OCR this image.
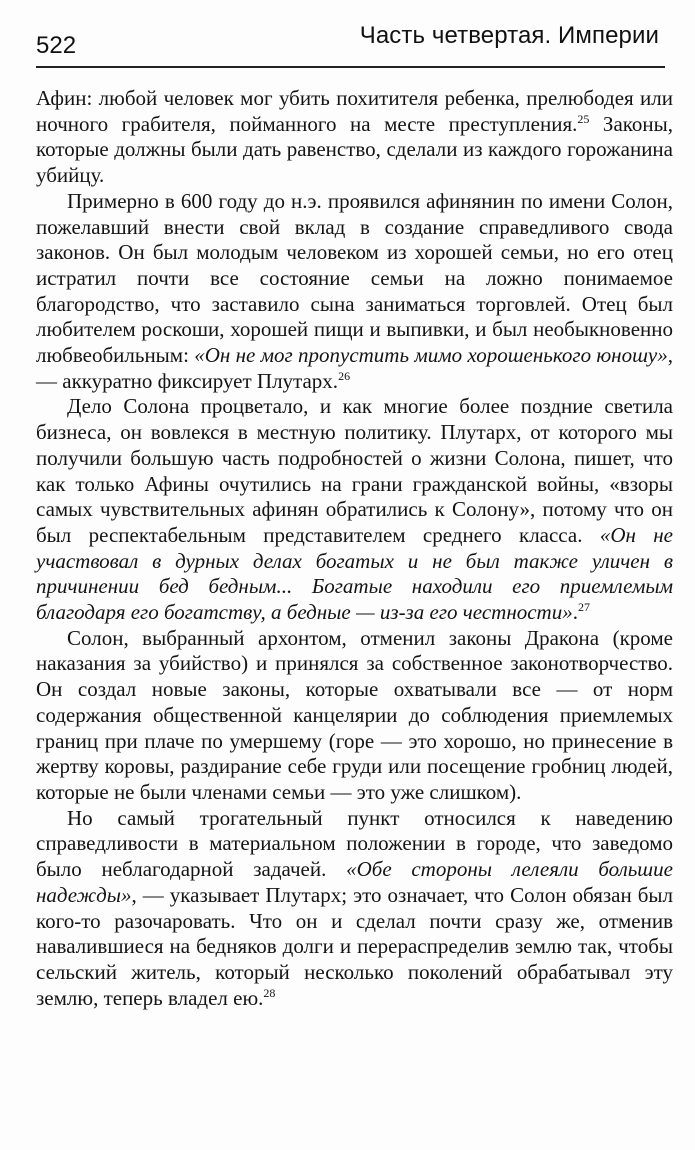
522	Часть четвертая. Империи

Афин: любой человек мог убить похитителя ребенка, прелюбодея или ночного грабителя, пойманного на месте преступления.$^{25}$ Законы, которые должны были дать равенство, сделали из каждого горожанина убийцу.

Примерно в 600 году до н.э. проявился афинянин по имени Солон, пожелавший внести свой вклад в создание справедливого свода законов. Он был молодым человеком из хорошей семьи, но его отец истратил почти все состояние семьи на ложно понимаемое благородство, что заставило сына заниматься торговлей. Отец был любителем роскоши, хорошей пищи и выпивки, и был необыкновенно любвеобильным: «Он не мог пропустить мимо хорошенького юношу», — аккуратно фиксирует Плутарх.$^{26}$

Дело Солона процветало, и как многие более поздние светила бизнеса, он вовлекся в местную политику. Плутарх, от которого мы получили большую часть подробностей о жизни Солона, пишет, что как только Афины очутились на грани гражданской войны, «взоры самых чувствительных афинян обратились к Солону», потому что он был респектабельным представителем среднего класса. «Он не участвовал в дурных делах богатых и не был также уличен в причинении бед бедным... Богатые находили его приемлемым благодаря его богатству, а бедные — из-за его честности».$^{27}$

Солон, выбранный архонтом, отменил законы Дракона (кроме наказания за убийство) и принялся за собственное законотворчество. Он создал новые законы, которые охватывали все — от норм содержания общественной канцелярии до соблюдения приемлемых границ при плаче по умершему (горе — это хорошо, но принесение в жертву коровы, раздирание себе груди или посещение гробниц людей, которые не были членами семьи — это уже слишком).

Но самый трогательный пункт относился к наведению справедливости в материальном положении в городе, что заведомо было неблагодарной задачей. «Обе стороны лелеяли большие надежды», — указывает Плутарх; это означает, что Солон обязан был кого-то разочаровать. Что он и сделал почти сразу же, отменив навалившиеся на бедняков долги и перераспределив землю так, чтобы сельский житель, который несколько поколений обрабатывал эту землю, теперь владел ею.$^{28}$
